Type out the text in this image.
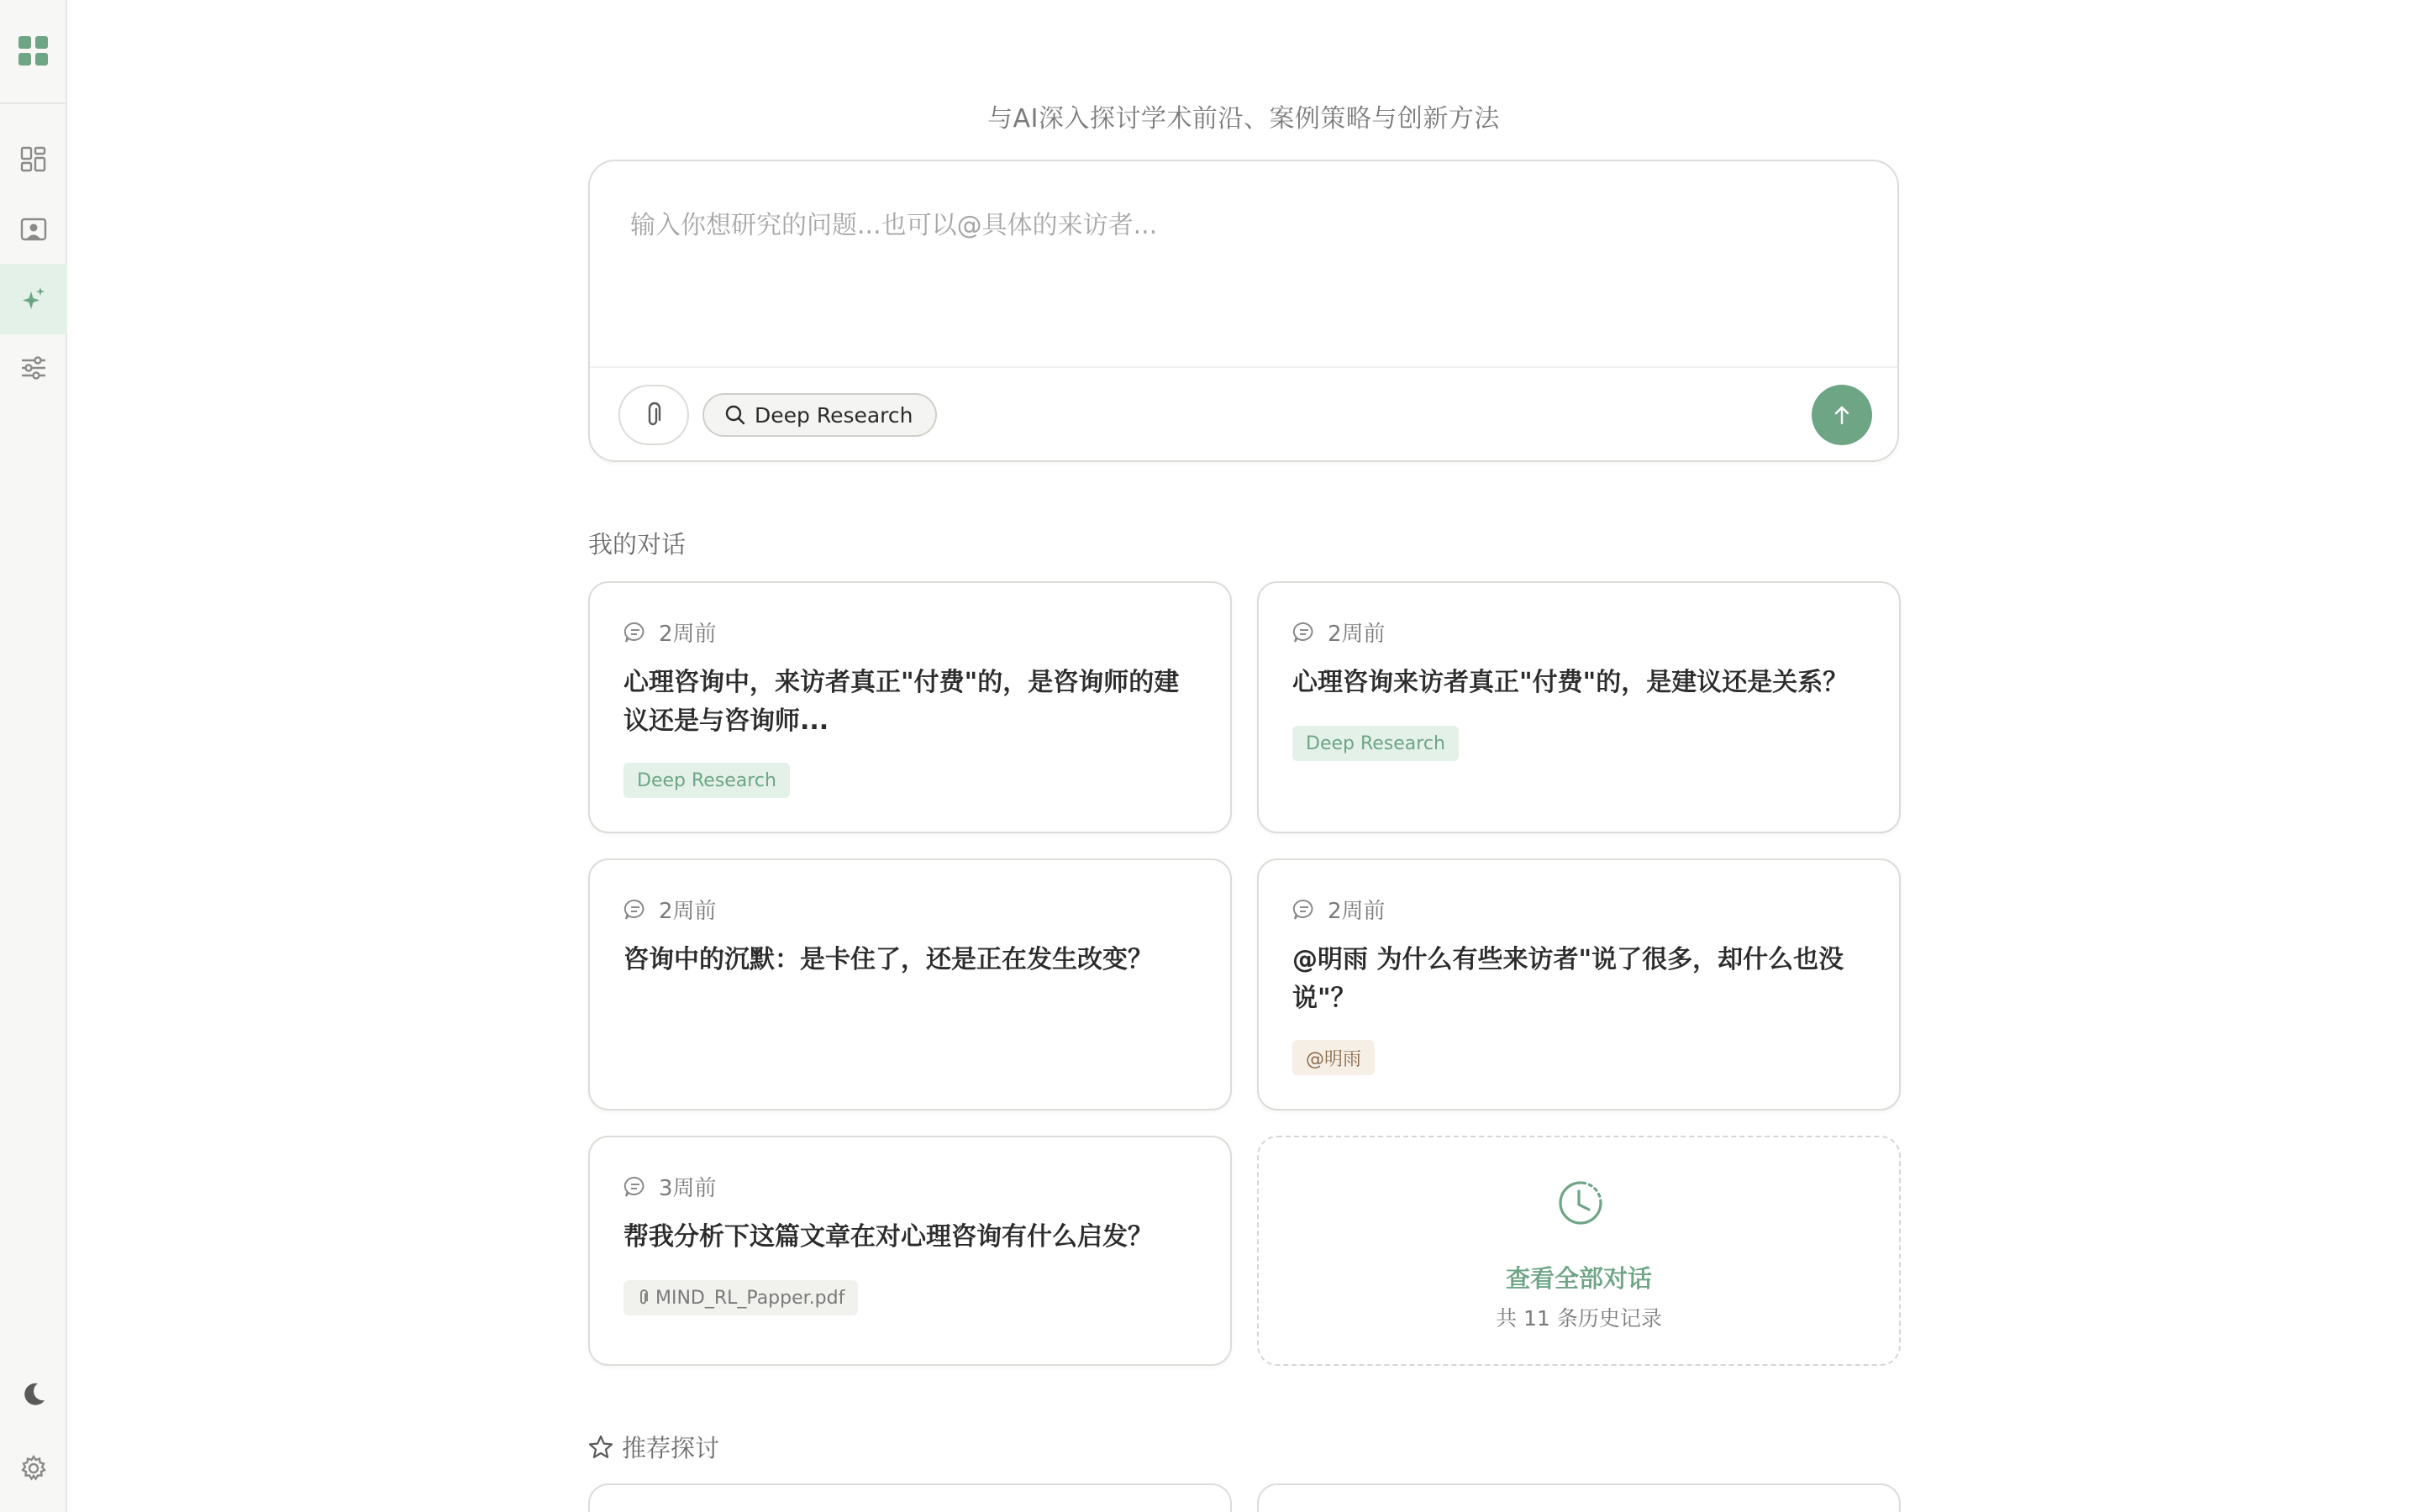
与AI深入探讨学术前沿、案例策略与创新方法
输入你想研究的问题...也可以@具体的来访者...
Deep Research
我的对话
2周前
心理咨询中，来访者真正"付费"的，是咨询师的建议还是与咨询师...
Deep Research
2周前
心理咨询来访者真正"付费"的，是建议还是关系？
Deep Research
2周前
咨询中的沉默：是卡住了，还是正在发生改变？
2周前
@明雨 为什么有些来访者"说了很多，却什么也没说"？
@明雨
3周前
帮我分析下这篇文章在对心理咨询有什么启发？
MIND_RL_Papper.pdf
查看全部对话
共 11 条历史记录
推荐探讨
